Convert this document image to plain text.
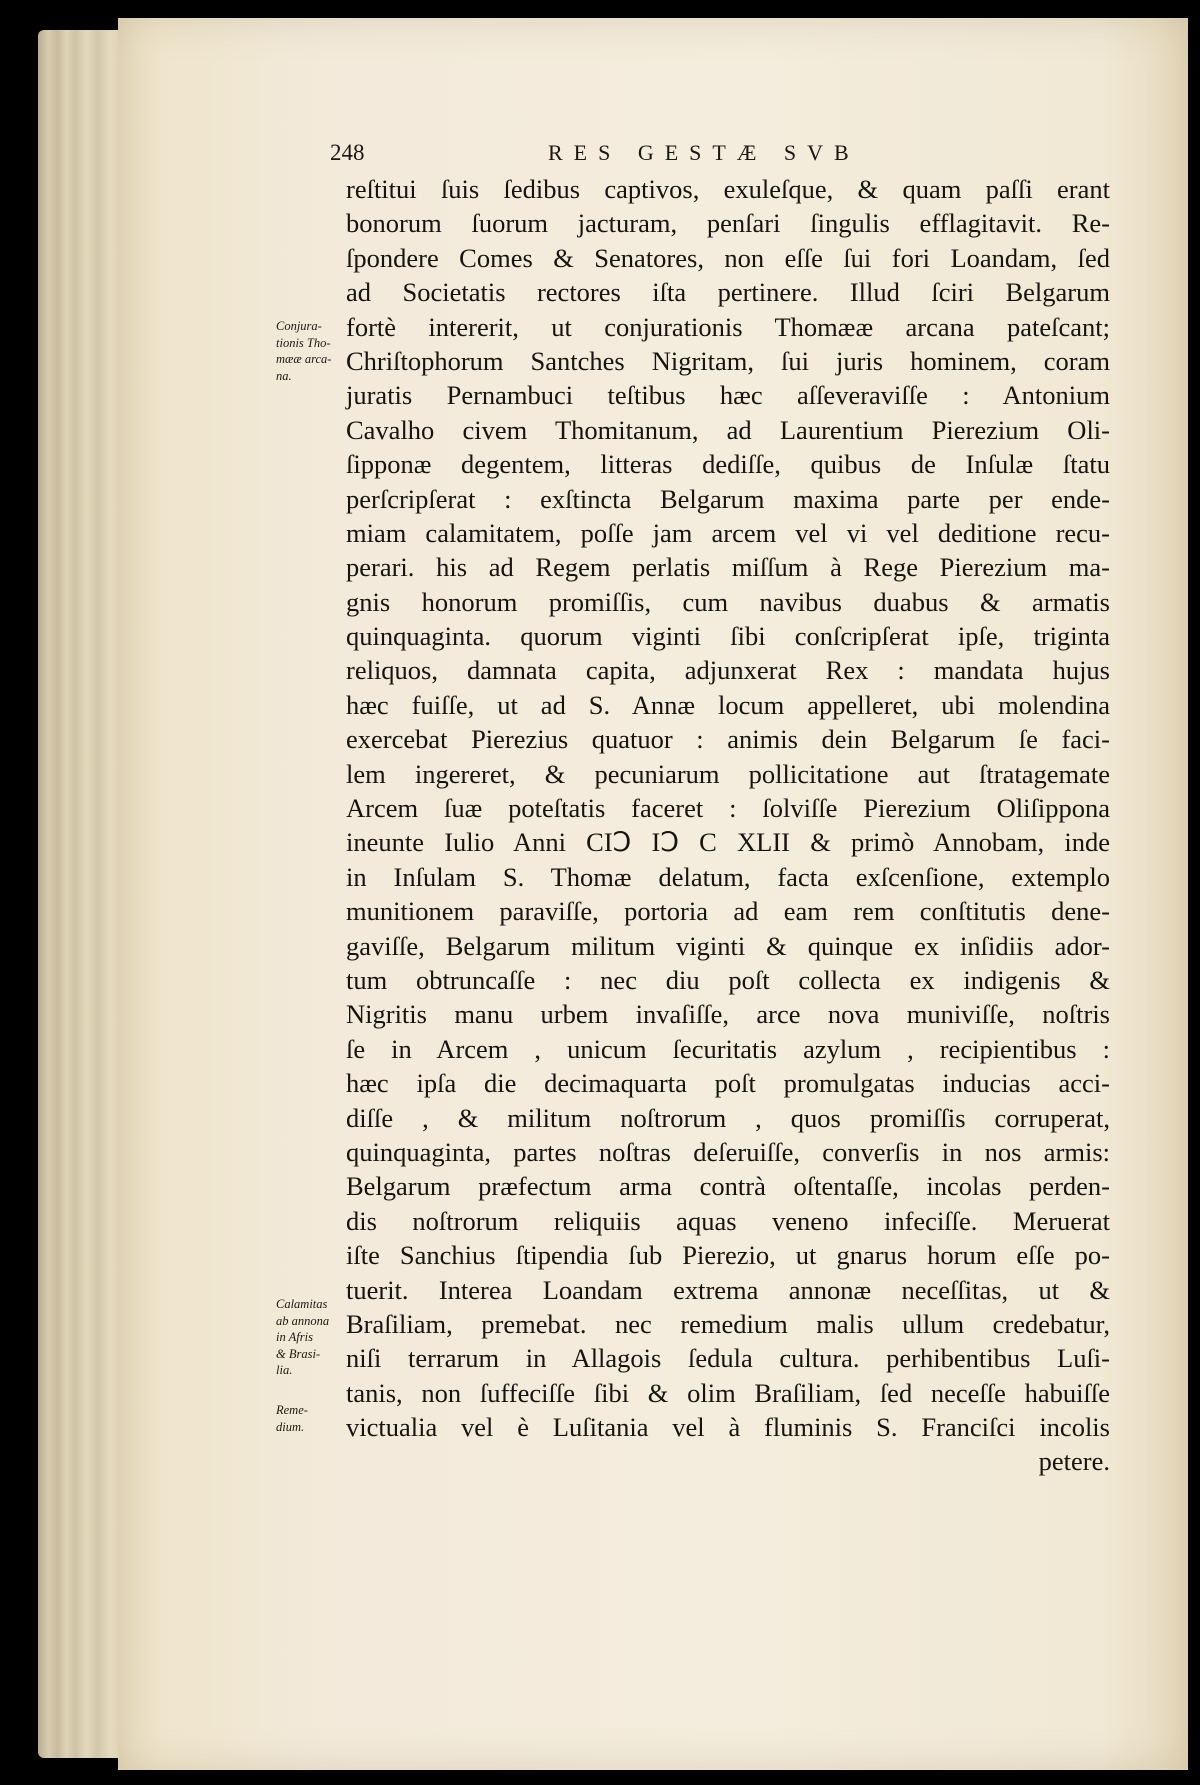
248	RES GESTÆ SVB
Conjura-
tionis Tho-
mææ arca-
na.
Calamitas
ab annona
in Afris
& Brasi-
lia.
Reme-
dium.
reſtitui ſuis ſedibus captivos, exuleſque, & quam paſſi erant
bonorum ſuorum jacturam, penſari ſingulis efflagitavit. Re-
ſpondere Comes & Senatores, non eſſe ſui fori Loandam, ſed
ad Societatis rectores iſta pertinere. Illud ſciri Belgarum
fortè intererit, ut conjurationis Thomææ arcana pateſcant;
Chriſtophorum Santches Nigritam, ſui juris hominem, coram
juratis Pernambuci teſtibus hæc aſſeveraviſſe : Antonium
Cavalho civem Thomitanum, ad Laurentium Pierezium Oli-
ſipponæ degentem, litteras dediſſe, quibus de Inſulæ ſtatu
perſcripſerat : exſtincta Belgarum maxima parte per ende-
miam calamitatem, poſſe jam arcem vel vi vel deditione recu-
perari. his ad Regem perlatis miſſum à Rege Pierezium ma-
gnis honorum promiſſis, cum navibus duabus & armatis
quinquaginta. quorum viginti ſibi conſcripſerat ipſe, triginta
reliquos, damnata capita, adjunxerat Rex : mandata hujus
hæc fuiſſe, ut ad S. Annæ locum appelleret, ubi molendina
exercebat Pierezius quatuor : animis dein Belgarum ſe faci-
lem ingereret, & pecuniarum pollicitatione aut ſtratagemate
Arcem ſuæ poteſtatis faceret : ſolviſſe Pierezium Oliſippona
ineunte Iulio Anni CIↃ IↃ C XLII & primò Annobam, inde
in Inſulam S. Thomæ delatum, facta exſcenſione, extemplo
munitionem paraviſſe, portoria ad eam rem conſtitutis dene-
gaviſſe, Belgarum militum viginti & quinque ex inſidiis ador-
tum obtruncaſſe : nec diu poſt collecta ex indigenis &
Nigritis manu urbem invaſiſſe, arce nova muniviſſe, noſtris
ſe in Arcem , unicum ſecuritatis azylum , recipientibus :
hæc ipſa die decimaquarta poſt promulgatas inducias acci-
diſſe , & militum noſtrorum , quos promiſſis corruperat,
quinquaginta, partes noſtras deſeruiſſe, converſis in nos armis:
Belgarum præfectum arma contrà oſtentaſſe, incolas perden-
dis noſtrorum reliquiis aquas veneno infeciſſe. Meruerat
iſte Sanchius ſtipendia ſub Pierezio, ut gnarus horum eſſe po-
tuerit. Interea Loandam extrema annonæ neceſſitas, ut &
Braſiliam, premebat. nec remedium malis ullum credebatur,
niſi terrarum in Allagois ſedula cultura. perhibentibus Luſi-
tanis, non ſuffeciſſe ſibi & olim Braſiliam, ſed neceſſe habuiſſe
victualia vel è Luſitania vel à fluminis S. Franciſci incolis
petere.
